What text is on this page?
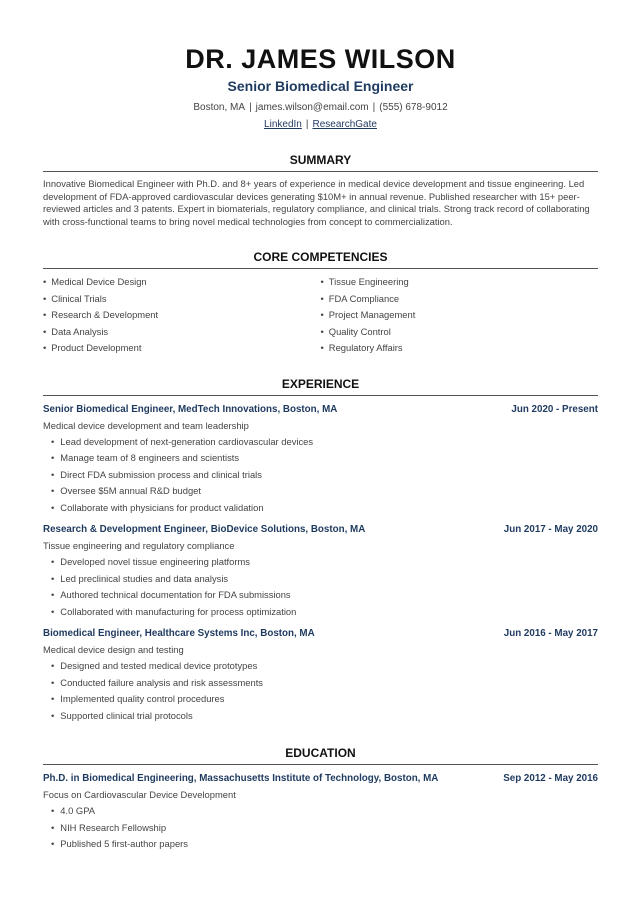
DR. JAMES WILSON
Senior Biomedical Engineer
Boston, MA | james.wilson@email.com | (555) 678-9012
LinkedIn | ResearchGate
SUMMARY
Innovative Biomedical Engineer with Ph.D. and 8+ years of experience in medical device development and tissue engineering. Led development of FDA-approved cardiovascular devices generating $10M+ in annual revenue. Published researcher with 15+ peer-reviewed articles and 3 patents. Expert in biomaterials, regulatory compliance, and clinical trials. Strong track record of collaborating with cross-functional teams to bring novel medical technologies from concept to commercialization.
CORE COMPETENCIES
• Medical Device Design
• Clinical Trials
• Research & Development
• Data Analysis
• Product Development
• Tissue Engineering
• FDA Compliance
• Project Management
• Quality Control
• Regulatory Affairs
EXPERIENCE
Senior Biomedical Engineer, MedTech Innovations, Boston, MA	Jun 2020 - Present
Medical device development and team leadership
• Lead development of next-generation cardiovascular devices
• Manage team of 8 engineers and scientists
• Direct FDA submission process and clinical trials
• Oversee $5M annual R&D budget
• Collaborate with physicians for product validation
Research & Development Engineer, BioDevice Solutions, Boston, MA	Jun 2017 - May 2020
Tissue engineering and regulatory compliance
• Developed novel tissue engineering platforms
• Led preclinical studies and data analysis
• Authored technical documentation for FDA submissions
• Collaborated with manufacturing for process optimization
Biomedical Engineer, Healthcare Systems Inc, Boston, MA	Jun 2016 - May 2017
Medical device design and testing
• Designed and tested medical device prototypes
• Conducted failure analysis and risk assessments
• Implemented quality control procedures
• Supported clinical trial protocols
EDUCATION
Ph.D. in Biomedical Engineering, Massachusetts Institute of Technology, Boston, MA	Sep 2012 - May 2016
Focus on Cardiovascular Device Development
• 4.0 GPA
• NIH Research Fellowship
• Published 5 first-author papers
